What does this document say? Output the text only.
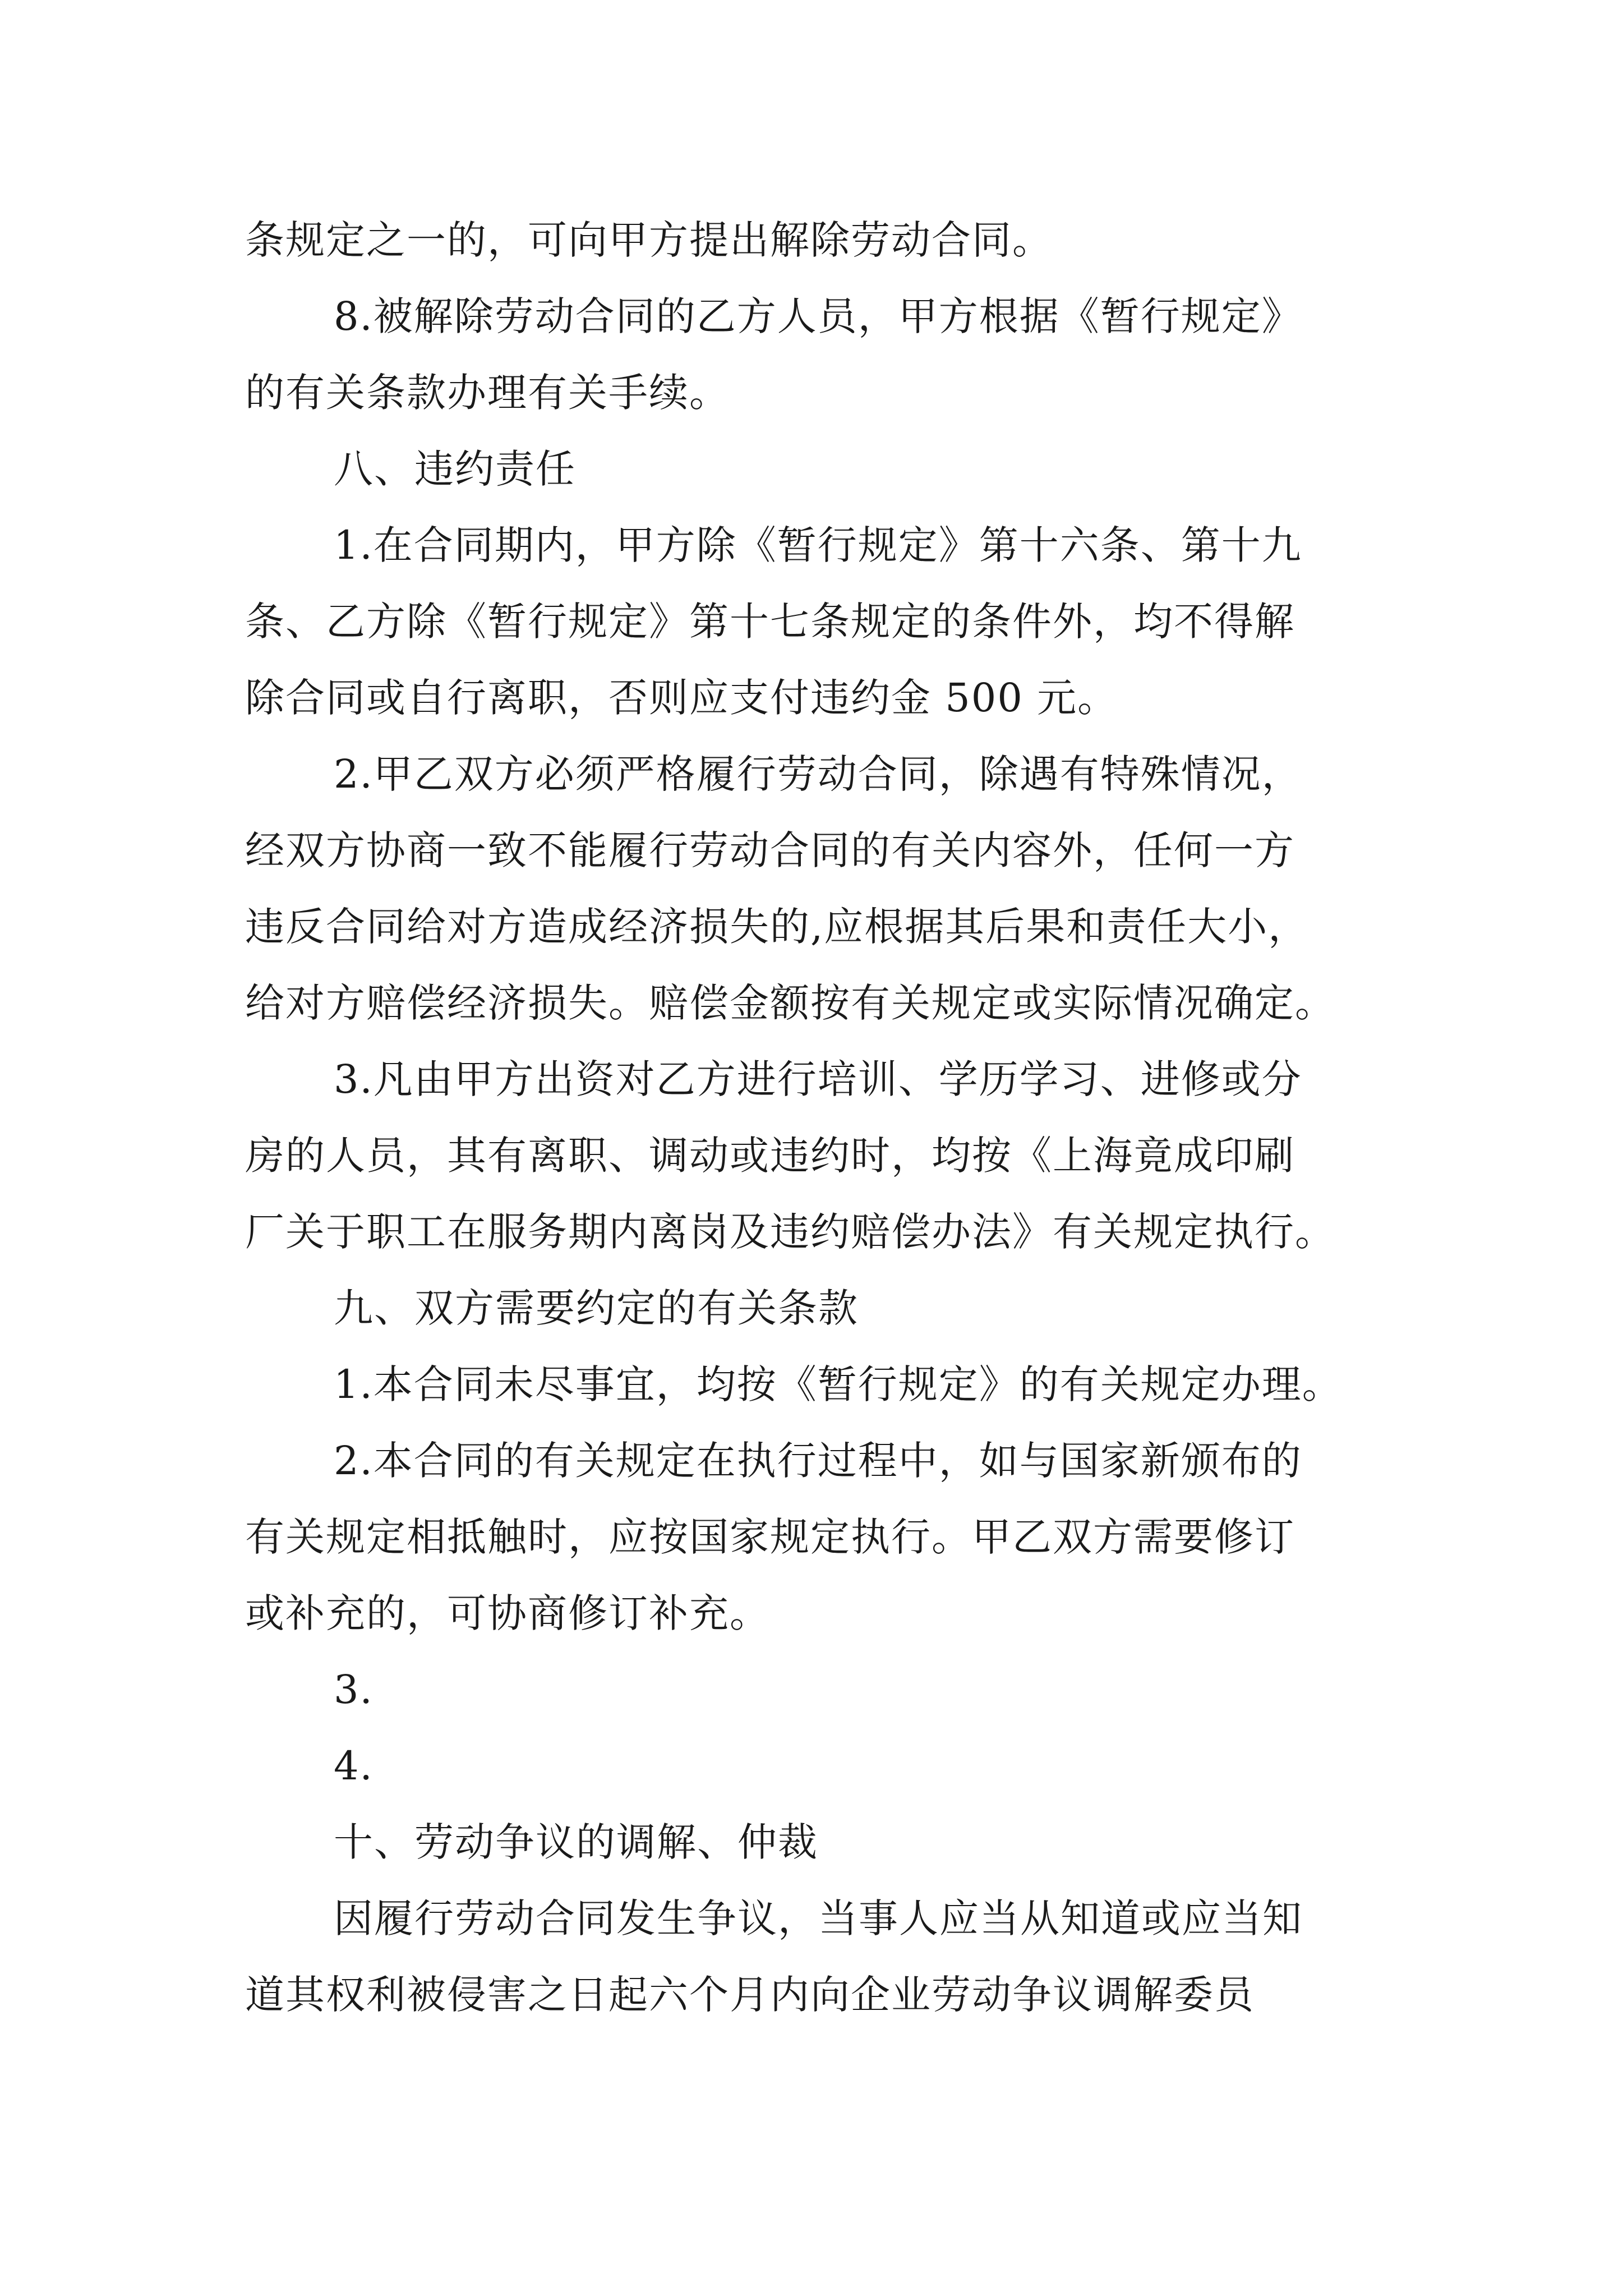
条规定之一的，可向甲方提出解除劳动合同。
8.被解除劳动合同的乙方人员，甲方根据《暂行规定》
的有关条款办理有关手续。
八、违约责任
1.在合同期内，甲方除《暂行规定》第十六条、第十九
条、乙方除《暂行规定》第十七条规定的条件外，均不得解
除合同或自行离职，否则应支付违约金 500 元。
2.甲乙双方必须严格履行劳动合同，除遇有特殊情况，
经双方协商一致不能履行劳动合同的有关内容外，任何一方
违反合同给对方造成经济损失的,应根据其后果和责任大小，
给对方赔偿经济损失。赔偿金额按有关规定或实际情况确定。
3.凡由甲方出资对乙方进行培训、学历学习、进修或分
房的人员，其有离职、调动或违约时，均按《上海竟成印刷
厂关于职工在服务期内离岗及违约赔偿办法》有关规定执行。
九、双方需要约定的有关条款
1.本合同未尽事宜，均按《暂行规定》的有关规定办理。
2.本合同的有关规定在执行过程中，如与国家新颁布的
有关规定相抵触时，应按国家规定执行。甲乙双方需要修订
或补充的，可协商修订补充。
3.
4.
十、劳动争议的调解、仲裁
因履行劳动合同发生争议，当事人应当从知道或应当知
道其权利被侵害之日起六个月内向企业劳动争议调解委员
